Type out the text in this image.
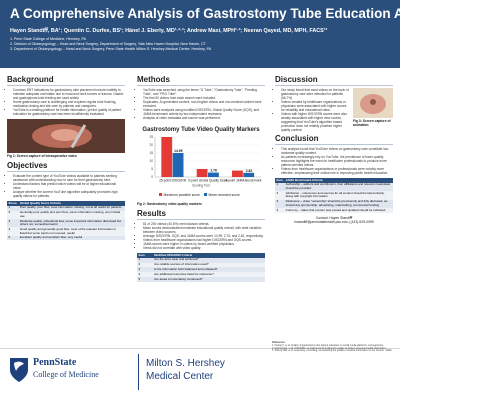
A Comprehensive Analysis of Gastrostomy Tube Education Across YouTube
Hayen Standiﬀ, BA¹; Quentin C. Durfee, BS¹; Hänel J. Eberly, MD¹·²·³; Andrew Maxi, MPH¹·²; Neeran Qayed, MD, MPH, FACS¹³
1. Penn State College of Medicine, Hershey, PA
2. Division of Otolaryngology – Head and Neck Surgery, Department of Surgery, Yale-New Haven Hospital, New Haven, CT
3. Department of Otolaryngology – Head and Neck Surgery, Penn State Health Milton S. Hershey Medical Center, Hershey, PA
Background
• Common ENT indications for gastrostomy tube placement include inability to maintain adequate oral intake due to head and neck tumors or trauma. Gastric and gastrojejunal tube feeding are used widely.
• Home gastrostomy care is challenging and requires regular tube flushing, medication dosing and site care by patients and caregivers.
• YouTube is a leading platform for health information, yet the quality of patient education for gastrostomy care has been insufficiently evaluated.
Fig 1: Screen capture of intraoperative video
Objectives
• Evaluate the content type of YouTube videos available to patients seeking assistance with understanding how to care for their gastrostomy tube.
• Understand factors that predict which videos will be of higher educational value.
• Analyze whether the current YouTube algorithm adequately promotes high quality videos for patients.
Score	Global Quality Score Criteria
1	Poor quality, poor flow, most information missing, not at all useful for patients
2	Generally poor quality and poor flow, some information missing, very limited use
3	Moderate quality, suboptimal flow, some important information discussed but others not, somewhat useful
4	Good quality and generally good flow, most of the relevant information is listed but some topics not covered, useful
5	Excellent quality and excellent flow, very useful
Methods
• YouTube was searched using the terms "G Tube", "Gastrostomy Tube", "Feeding Tube", and "PEG Tube".
• The first 50 videos from each search were included.
• Duplicates, AI-generated content, non-English videos and non-medical content were excluded.
• Videos were analyzed using modified DISCERN, Global Quality Score (GQS), and JAMA benchmark criteria by two independent reviewers.
• Analysis of video metadata and source was performed.
Gastrostomy Tube Video Quality Markers
0
5
10
15
20
25
14.99
25-point DISCERN
2.76
5-point Global Quality Scale
2.62
4-point JAMA Benchmark
Scoring Tool
Maximum possible score	Mean recorded score
Fig 2: Gastrostomy video quality markers
Results
• 81 of 200 videos (40.5%) met inclusion criteria.
• Mean scores demonstrated moderate educational quality overall, with wide variation between video sources.
• Average DISCERN, GQS, and JAMA scores were 14.99, 2.76, and 2.62, respectively.
• Videos from healthcare organizations had higher DISCERN and GQS scores.
• JAMA scores were higher in videos by board-certified physicians.
• Views did not correlate with video quality.
Item	Modified DISCERN Criteria
1	Are the aims clear and achieved?
2	Are reliable sources of information used?
3	Is the information both balanced and unbiased?
4	Are additional resources listed for reference?
5	Are areas of uncertainty mentioned?
Discussion
• Our study found that most videos on the topic of gastrostomy care were intended for patients (66.7%).
• Videos created by healthcare organizations or physicians were associated with higher scores for reliability and educational value.
• Videos with higher DISCERN scores were also weakly associated with higher view counts, suggesting that YouTube's algorithm-based promotion does not reliably prioritize higher quality content.
Fig 3: Screen capture of animation
Conclusion
• This analysis found that YouTube videos on gastrostomy care constitute low-moderate quality content.
• As patients increasingly rely on YouTube, the prevalence of lower-quality resources highlights the need for healthcare professionals to produce more patient-oriented videos.
• Videos from healthcare organizations or professionals were notably more effective, emphasizing their critical role in improving public health education.
Item	JAMA Benchmark Criteria
1	Authorship – authors and contributors, their affiliations and relevant credentials should be provided
2	Attribution – references and sources for all content should be listed clearly, along with copyright information
3	Disclosure – video "ownership" should be prominently and fully disclosed, as should any sponsorship, advertising, underwriting, commercial funding
4	Currency – dates that content was posted and updated should be indicated
Contact: Hayen Standiﬀ
hstandiff@pennstatehealth.psu.edu | (413) 629-0099
PennState
College of Medicine
Milton S. Hershey
Medical Center
References
1. Huang X, et al. Quality of gastrostomy tube patient education on social media platforms. Laryngoscope.
2. Charnock D, et al. DISCERN: an instrument for judging the quality of written consumer health information.
3. Silberg WM, et al. Assessing, controlling, and assuring the quality of medical information on the Internet. JAMA.
